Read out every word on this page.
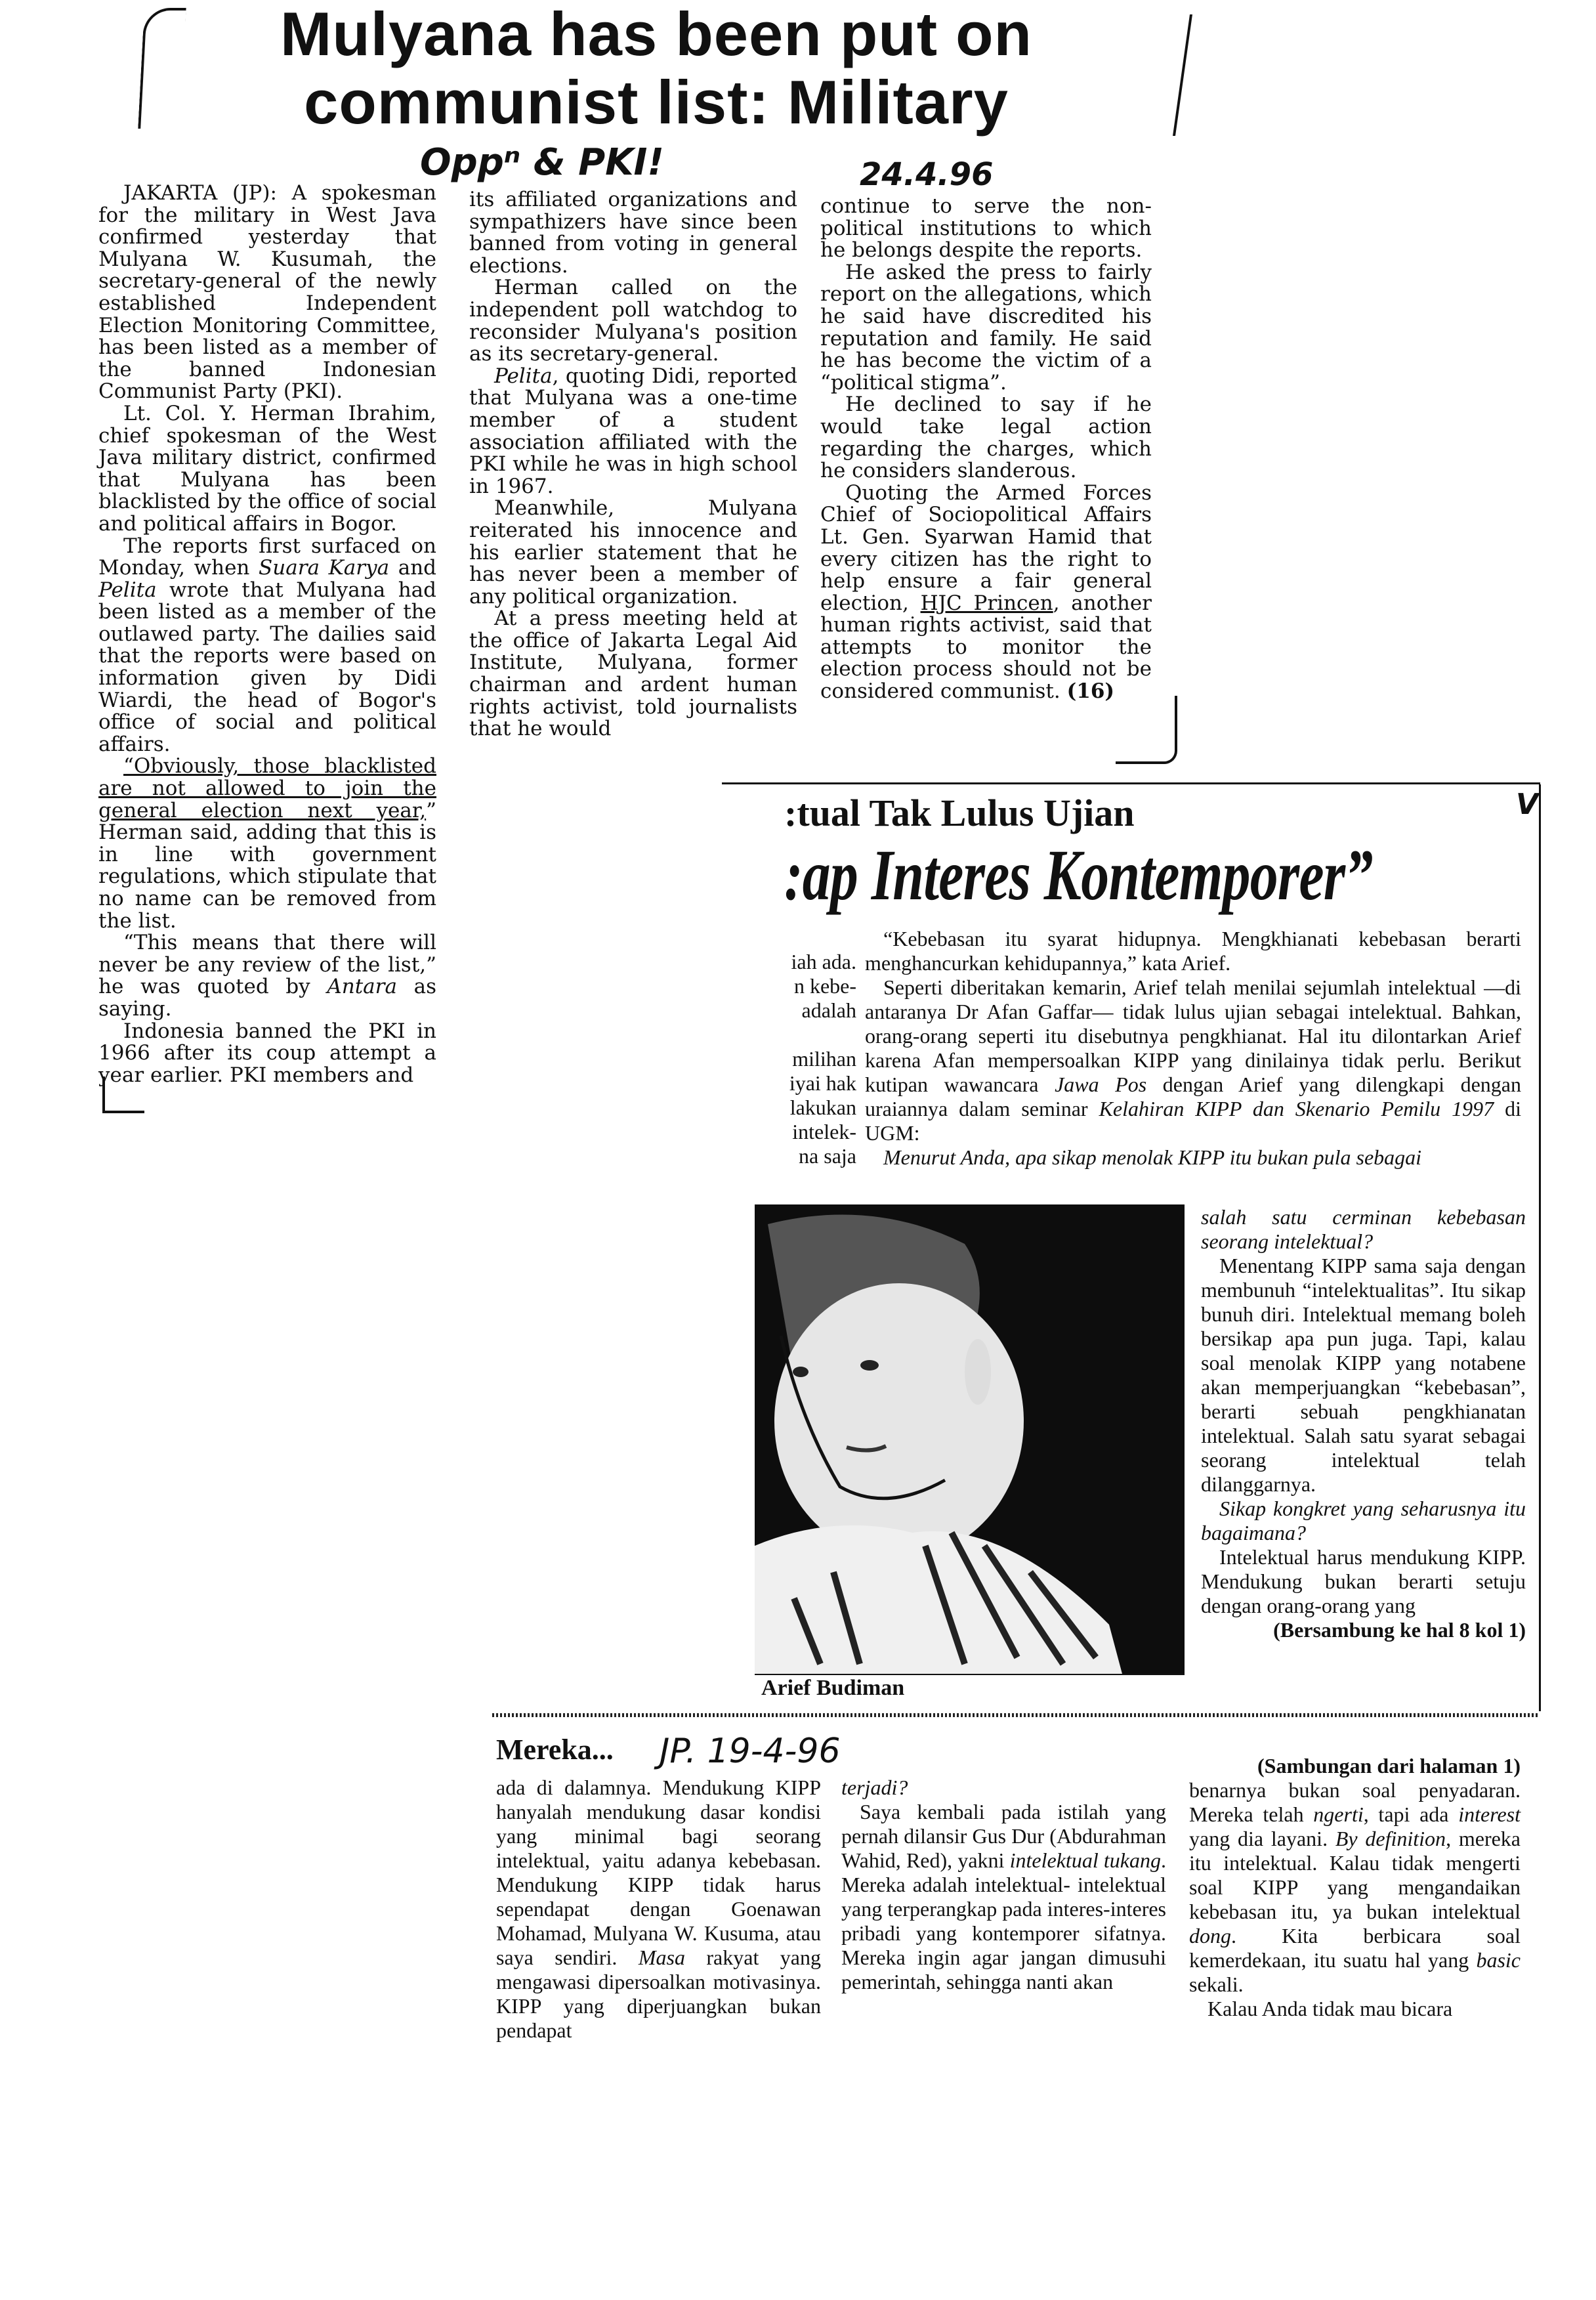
Mulyana has been put on
communist list: Military
Oppⁿ & PKI!	24.4.96

JAKARTA (JP): A spokesman for the military in West Java confirmed yesterday that Mulyana W. Kusumah, the secretary-general of the newly established Independent Election Monitoring Committee, has been listed as a member of the banned Indonesian Communist Party (PKI).

Lt. Col. Y. Herman Ibrahim, chief spokesman of the West Java military district, confirmed that Mulyana has been blacklisted by the office of social and political affairs in Bogor.

The reports first surfaced on Monday, when Suara Karya and Pelita wrote that Mulyana had been listed as a member of the outlawed party. The dailies said that the reports were based on information given by Didi Wiardi, the head of Bogor's office of social and political affairs.

“Obviously, those blacklisted are not allowed to join the general election next year,” Herman said, adding that this is in line with government regulations, which stipulate that no name can be removed from the list.

“This means that there will never be any review of the list,” he was quoted by Antara as saying.

Indonesia banned the PKI in 1966 after its coup attempt a year earlier. PKI members and

its affiliated organizations and sympathizers have since been banned from voting in general elections.

Herman called on the independent poll watchdog to reconsider Mulyana's position as its secretary-general.

Pelita, quoting Didi, reported that Mulyana was a one-time member of a student association affiliated with the PKI while he was in high school in 1967.

Meanwhile, Mulyana reiterated his innocence and his earlier statement that he has never been a member of any political organization.

At a press meeting held at the office of Jakarta Legal Aid Institute, Mulyana, former chairman and ardent human rights activist, told journalists that he would

continue to serve the non-political institutions to which he belongs despite the reports.

He asked the press to fairly report on the allegations, which he said have discredited his reputation and family. He said he has become the victim of a “political stigma”.

He declined to say if he would take legal action regarding the charges, which he considers slanderous.

Quoting the Armed Forces Chief of Sociopolitical Affairs Lt. Gen. Syarwan Hamid that every citizen has the right to help ensure a fair general election, HJC Princen, another human rights activist, said that attempts to monitor the election process should not be considered communist. (16)

V
:tual Tak Lulus Ujian
:ap Interes Kontemporer”
iah ada.
n kebe-
adalah
milihan
iyai hak
lakukan
intelek-
na saja

“Kebebasan itu syarat hidupnya. Mengkhianati kebebasan berarti menghancurkan kehidupannya,” kata Arief.

Seperti diberitakan kemarin, Arief telah menilai sejumlah intelektual —di antaranya Dr Afan Gaffar— tidak lulus ujian sebagai intelektual. Bahkan, orang-orang seperti itu disebutnya pengkhianat. Hal itu dilontarkan Arief karena Afan mempersoalkan KIPP yang dinilainya tidak perlu. Berikut kutipan wawancara Jawa Pos dengan Arief yang dilengkapi dengan uraiannya dalam seminar Kelahiran KIPP dan Skenario Pemilu 1997 di UGM:

Menurut Anda, apa sikap menolak KIPP itu bukan pula sebagai

Arief Budiman

salah satu cerminan kebebasan seorang intelektual?

Menentang KIPP sama saja dengan membunuh “intelektualitas”. Itu sikap bunuh diri. Intelektual memang boleh bersikap apa pun juga. Tapi, kalau soal menolak KIPP yang notabene akan memperjuangkan “kebebasan”, berarti sebuah pengkhianatan intelektual. Salah satu syarat sebagai seorang intelektual telah dilanggarnya.

Sikap kongkret yang seharusnya itu bagaimana?

Intelektual harus mendukung KIPP. Mendukung bukan berarti setuju dengan orang-orang yang

(Bersambung ke hal 8 kol 1)

Mereka... JP. 19-4-96

ada di dalamnya. Mendukung KIPP hanyalah mendukung dasar kondisi yang minimal bagi seorang intelektual, yaitu adanya kebebasan. Mendukung KIPP tidak harus sependapat dengan Goenawan Mohamad, Mulyana W. Kusuma, atau saya sendiri. Masa rakyat yang mengawasi dipersoalkan motivasinya. KIPP yang diperjuangkan bukan pendapat

terjadi?

Saya kembali pada istilah yang pernah dilansir Gus Dur (Abdurahman Wahid, Red), yakni intelektual tukang. Mereka adalah intelektual- intelektual yang terperangkap pada interes-interes pribadi yang kontemporer sifatnya. Mereka ingin agar jangan dimusuhi pemerintah, sehingga nanti akan

(Sambungan dari halaman 1)

benarnya bukan soal penyadaran. Mereka telah ngerti, tapi ada interest yang dia layani. By definition, mereka itu intelektual. Kalau tidak mengerti soal KIPP yang mengandaikan kebebasan itu, ya bukan intelektual dong. Kita berbicara soal kemerdekaan, itu suatu hal yang basic sekali.

Kalau Anda tidak mau bicara
